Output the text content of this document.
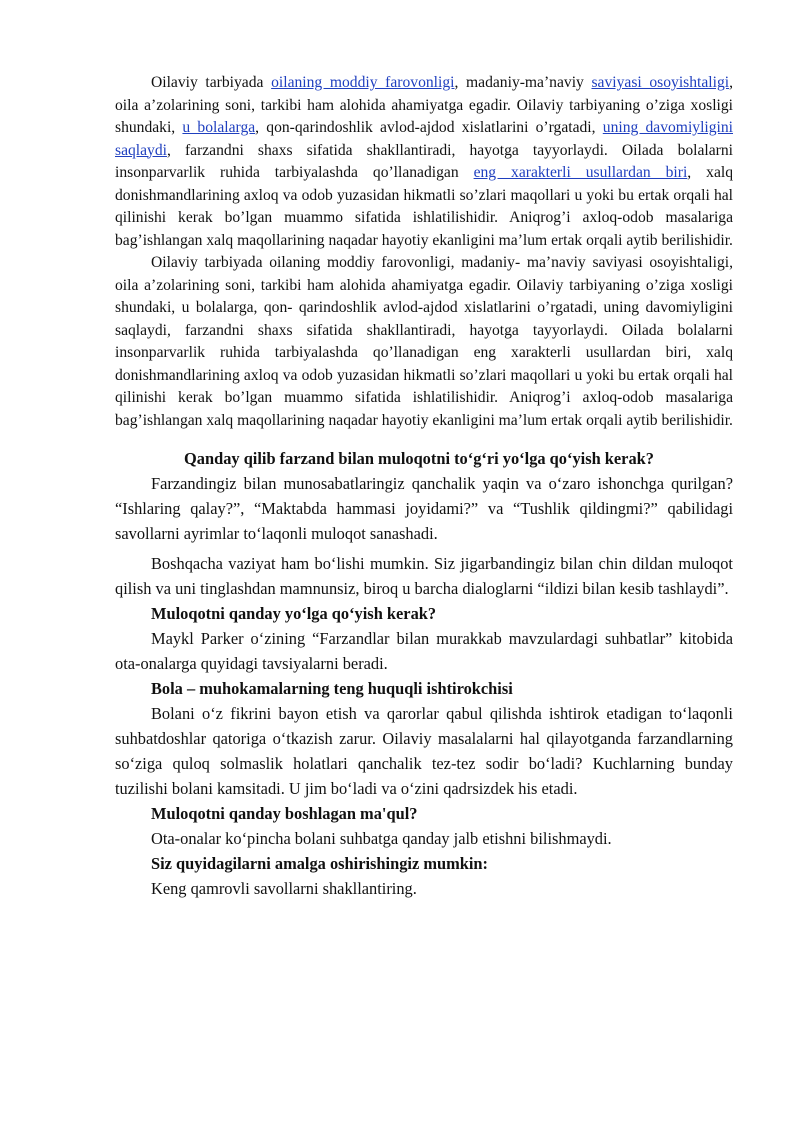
Oilaviy tarbiyada oilaning moddiy farovonligi, madaniy-ma’naviy saviyasi osoyishtaligi, oila a’zolarining soni, tarkibi ham alohida ahamiyatga egadir. Oilaviy tarbiyaning o’ziga xosligi shundaki, u bolalarga, qon-qarindoshlik avlod-ajdod xislatlarini o’rgatadi, uning davomiyligini saqlaydi, farzandni shaxs sifatida shakllantiradi, hayotga tayyorlaydi. Oilada bolalarni insonparvarlik ruhida tarbiyalashda qo’llanadigan eng xarakterli usullardan biri, xalq donishmandlarining axloq va odob yuzasidan hikmatli so’zlari maqollari u yoki bu ertak orqali hal qilinishi kerak bo’lgan muammo sifatida ishlatilishidir. Aniqrog’i axloq-odob masalariga bag’ishlangan xalq maqollarining naqadar hayotiy ekanligini ma’lum ertak orqali aytib berilishidir.

Oilaviy tarbiyada oilaning moddiy farovonligi, madaniy- ma’naviy saviyasi osoyishtaligi, oila a’zolarining soni, tarkibi ham alohida ahamiyatga egadir. Oilaviy tarbiyaning o’ziga xosligi shundaki, u bolalarga, qon- qarindoshlik avlod-ajdod xislatlarini o’rgatadi, uning davomiyligini saqlaydi, farzandni shaxs sifatida shakllantiradi, hayotga tayyorlaydi. Oilada bolalarni insonparvarlik ruhida tarbiyalashda qo’llanadigan eng xarakterli usullardan biri, xalq donishmandlarining axloq va odob yuzasidan hikmatli so’zlari maqollari u yoki bu ertak orqali hal qilinishi kerak bo’lgan muammo sifatida ishlatilishidir. Aniqrog’i axloq-odob masalariga bag’ishlangan xalq maqollarining naqadar hayotiy ekanligini ma’lum ertak orqali aytib berilishidir.

Qanday qilib farzand bilan muloqotni to‘g‘ri yo‘lga qo‘yish kerak?

Farzandingiz bilan munosabatlaringiz qanchalik yaqin va o‘zaro ishonchga qurilgan? “Ishlaring qalay?”, “Maktabda hammasi joyidami?” va “Tushlik qildingmi?” qabilidagi savollarni ayrimlar to‘laqonli muloqot sanashadi.

Boshqacha vaziyat ham bo‘lishi mumkin. Siz jigarbandingiz bilan chin dildan muloqot qilish va uni tinglashdan mamnunsiz, biroq u barcha dialoglarni “ildizi bilan kesib tashlaydi”.

Muloqotni qanday yo‘lga qo‘yish kerak?

Maykl Parker o‘zining “Farzandlar bilan murakkab mavzulardagi suhbatlar” kitobida ota-onalarga quyidagi tavsiyalarni beradi.

Bola – muhokamalarning teng huquqli ishtirokchisi

Bolani o‘z fikrini bayon etish va qarorlar qabul qilishda ishtirok etadigan to‘laqonli suhbatdoshlar qatoriga o‘tkazish zarur. Oilaviy masalalarni hal qilayotganda farzandlarning so‘ziga quloq solmaslik holatlari qanchalik tez-tez sodir bo‘ladi? Kuchlarning bunday tuzilishi bolani kamsitadi. U jim bo‘ladi va o‘zini qadrsizdek his etadi.

Muloqotni qanday boshlagan ma'qul?

Ota-onalar ko‘pincha bolani suhbatga qanday jalb etishni bilishmaydi.

Siz quyidagilarni amalga oshirishingiz mumkin:

Keng qamrovli savollarni shakllantiring.
